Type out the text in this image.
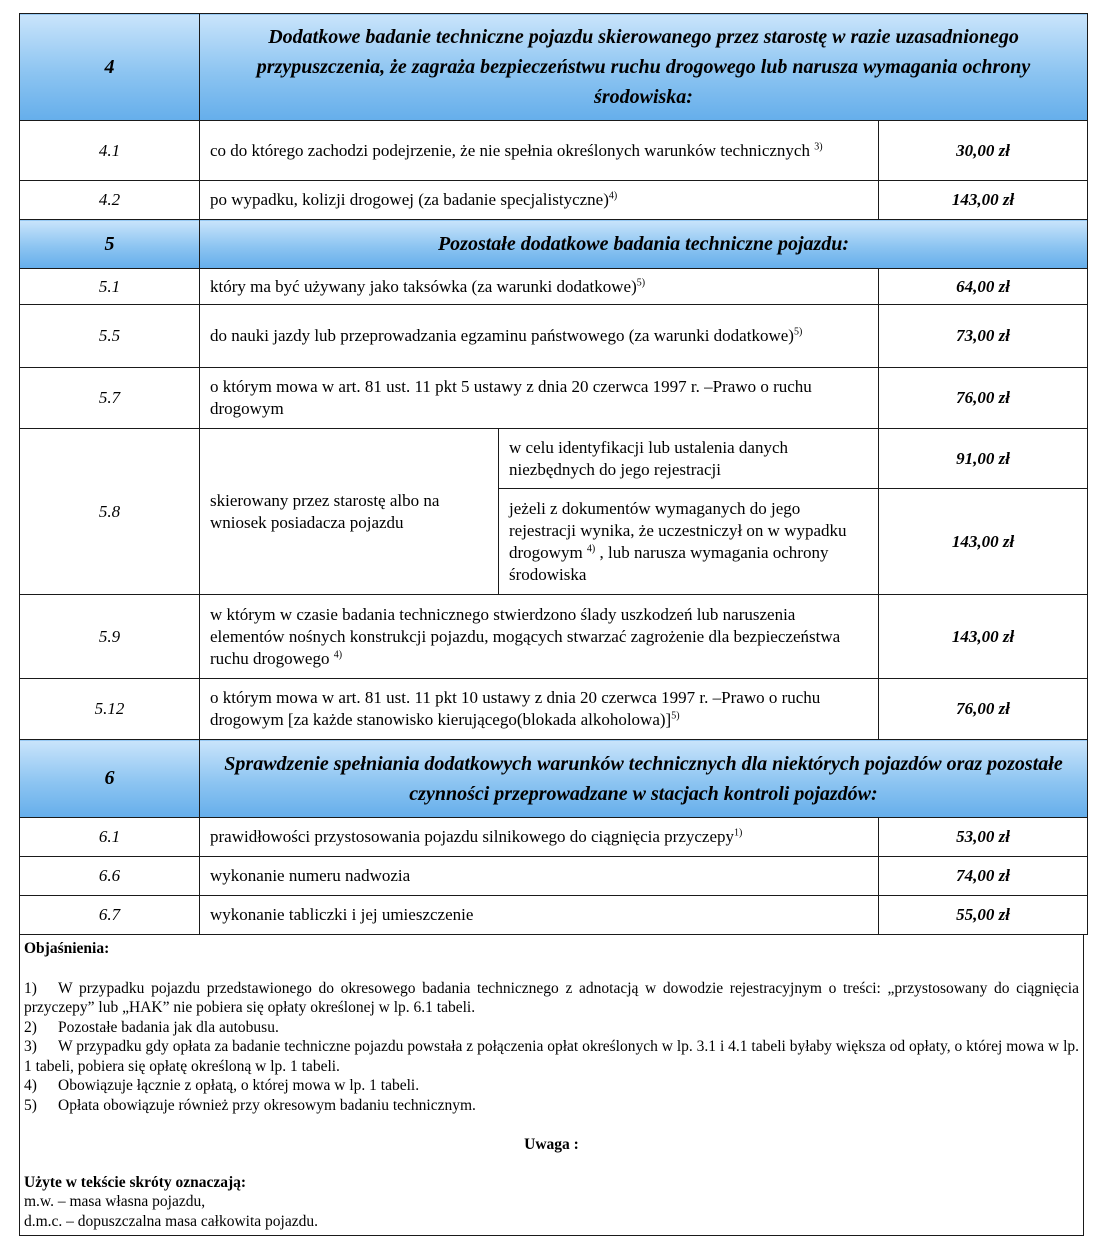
4	Dodatkowe badanie techniczne pojazdu skierowanego przez starostę w razie uzasadnionego przypuszczenia, że zagraża bezpieczeństwu ruchu drogowego lub narusza wymagania ochrony środowiska:		
4.1	co do którego zachodzi podejrzenie, że nie spełnia określonych warunków technicznych $^{3)}$		30,00 zł
4.2	po wypadku, kolizji drogowej (za badanie specjalistyczne)$^{4)}$		143,00 zł
5	Pozostałe dodatkowe badania techniczne pojazdu:		
5.1	który ma być używany jako taksówka (za warunki dodatkowe)$^{5)}$		64,00 zł
5.5	do nauki jazdy lub przeprowadzania egzaminu państwowego (za warunki dodatkowe)$^{5)}$		73,00 zł
5.7	o którym mowa w art. 81 ust. 11 pkt 5 ustawy z dnia 20 czerwca 1997 r. –Prawo o ruchu drogowym		76,00 zł
5.8	skierowany przez starostę albo na wniosek posiadacza pojazdu	w celu identyfikacji lub ustalenia danych niezbędnych do jego rejestracji	91,00 zł
		jeżeli z dokumentów wymaganych do jego rejestracji wynika, że uczestniczył on w wypadku drogowym $^{4)}$ , lub narusza wymagania ochrony środowiska	143,00 zł
5.9	w którym w czasie badania technicznego stwierdzono ślady uszkodzeń lub naruszenia elementów nośnych konstrukcji pojazdu, mogących stwarzać zagrożenie dla bezpieczeństwa ruchu drogowego $^{4)}$		143,00 zł
5.12	o którym mowa w art. 81 ust. 11 pkt 10 ustawy z dnia 20 czerwca 1997 r. –Prawo o ruchu drogowym [za każde stanowisko kierującego(blokada alkoholowa)]$^{5)}$		76,00 zł
6	Sprawdzenie spełniania dodatkowych warunków technicznych dla niektórych pojazdów oraz pozostałe czynności przeprowadzane w stacjach kontroli pojazdów:		
6.1	prawidłowości przystosowania pojazdu silnikowego do ciągnięcia przyczepy$^{1)}$		53,00 zł
6.6	wykonanie numeru nadwozia		74,00 zł
6.7	wykonanie tabliczki i jej umieszczenie		55,00 zł
Objaśnienia:
1) W przypadku pojazdu przedstawionego do okresowego badania technicznego z adnotacją w dowodzie rejestracyjnym o treści: „przystosowany do ciągnięcia przyczepy” lub „HAK” nie pobiera się opłaty określonej w lp. 6.1 tabeli.
2) Pozostałe badania jak dla autobusu.
3) W przypadku gdy opłata za badanie techniczne pojazdu powstała z połączenia opłat określonych w lp. 3.1 i 4.1 tabeli byłaby większa od opłaty, o której mowa w lp. 1 tabeli, pobiera się opłatę określoną w lp. 1 tabeli.
4) Obowiązuje łącznie z opłatą, o której mowa w lp. 1 tabeli.
5) Opłata obowiązuje również przy okresowym badaniu technicznym.
Uwaga :
Użyte w tekście skróty oznaczają:
m.w. – masa własna pojazdu,
d.m.c. – dopuszczalna masa całkowita pojazdu.
